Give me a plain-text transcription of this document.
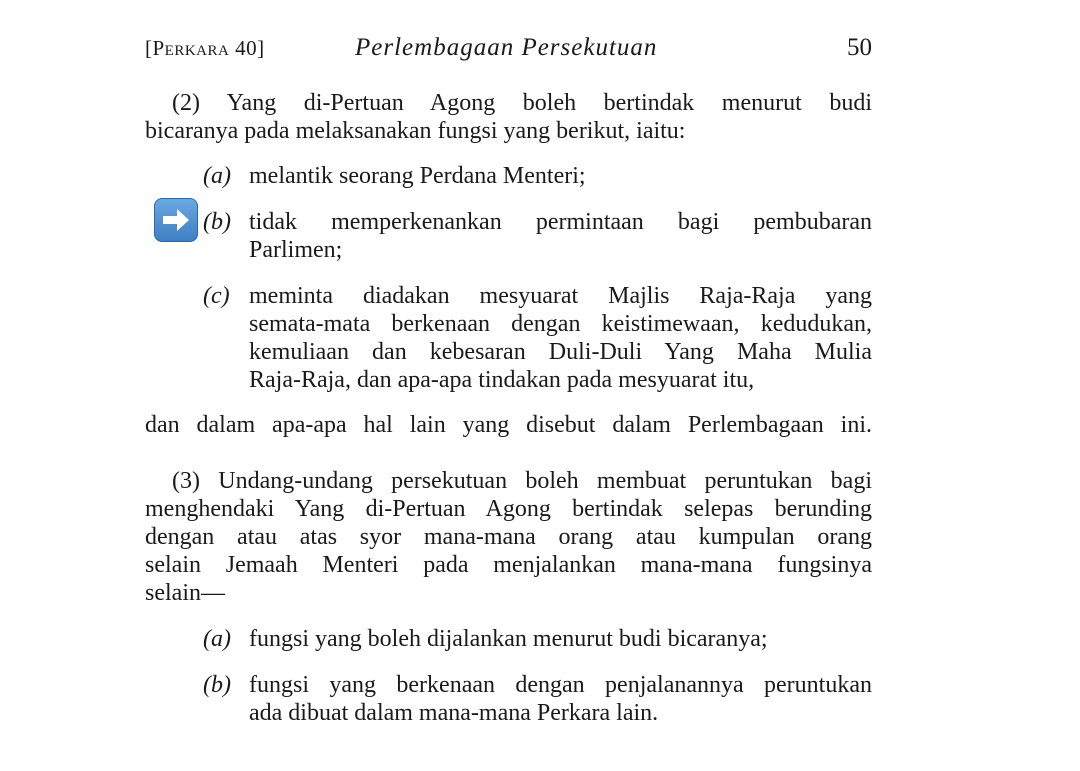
[Perkara 40]	Perlembagaan Persekutuan	50
(2) Yang di-Pertuan Agong boleh bertindak menurut budi
bicaranya pada melaksanakan fungsi yang berikut, iaitu:
(a) melantik seorang Perdana Menteri;
(b) tidak memperkenankan permintaan bagi pembubaran
Parlimen;
(c) meminta diadakan mesyuarat Majlis Raja-Raja yang
semata-mata berkenaan dengan keistimewaan, kedudukan,
kemuliaan dan kebesaran Duli-Duli Yang Maha Mulia
Raja-Raja, dan apa-apa tindakan pada mesyuarat itu,
dan dalam apa-apa hal lain yang disebut dalam Perlembagaan ini.
(3) Undang-undang persekutuan boleh membuat peruntukan bagi
menghendaki Yang di-Pertuan Agong bertindak selepas berunding
dengan atau atas syor mana-mana orang atau kumpulan orang
selain Jemaah Menteri pada menjalankan mana-mana fungsinya
selain—
(a) fungsi yang boleh dijalankan menurut budi bicaranya;
(b) fungsi yang berkenaan dengan penjalanannya peruntukan
ada dibuat dalam mana-mana Perkara lain.
